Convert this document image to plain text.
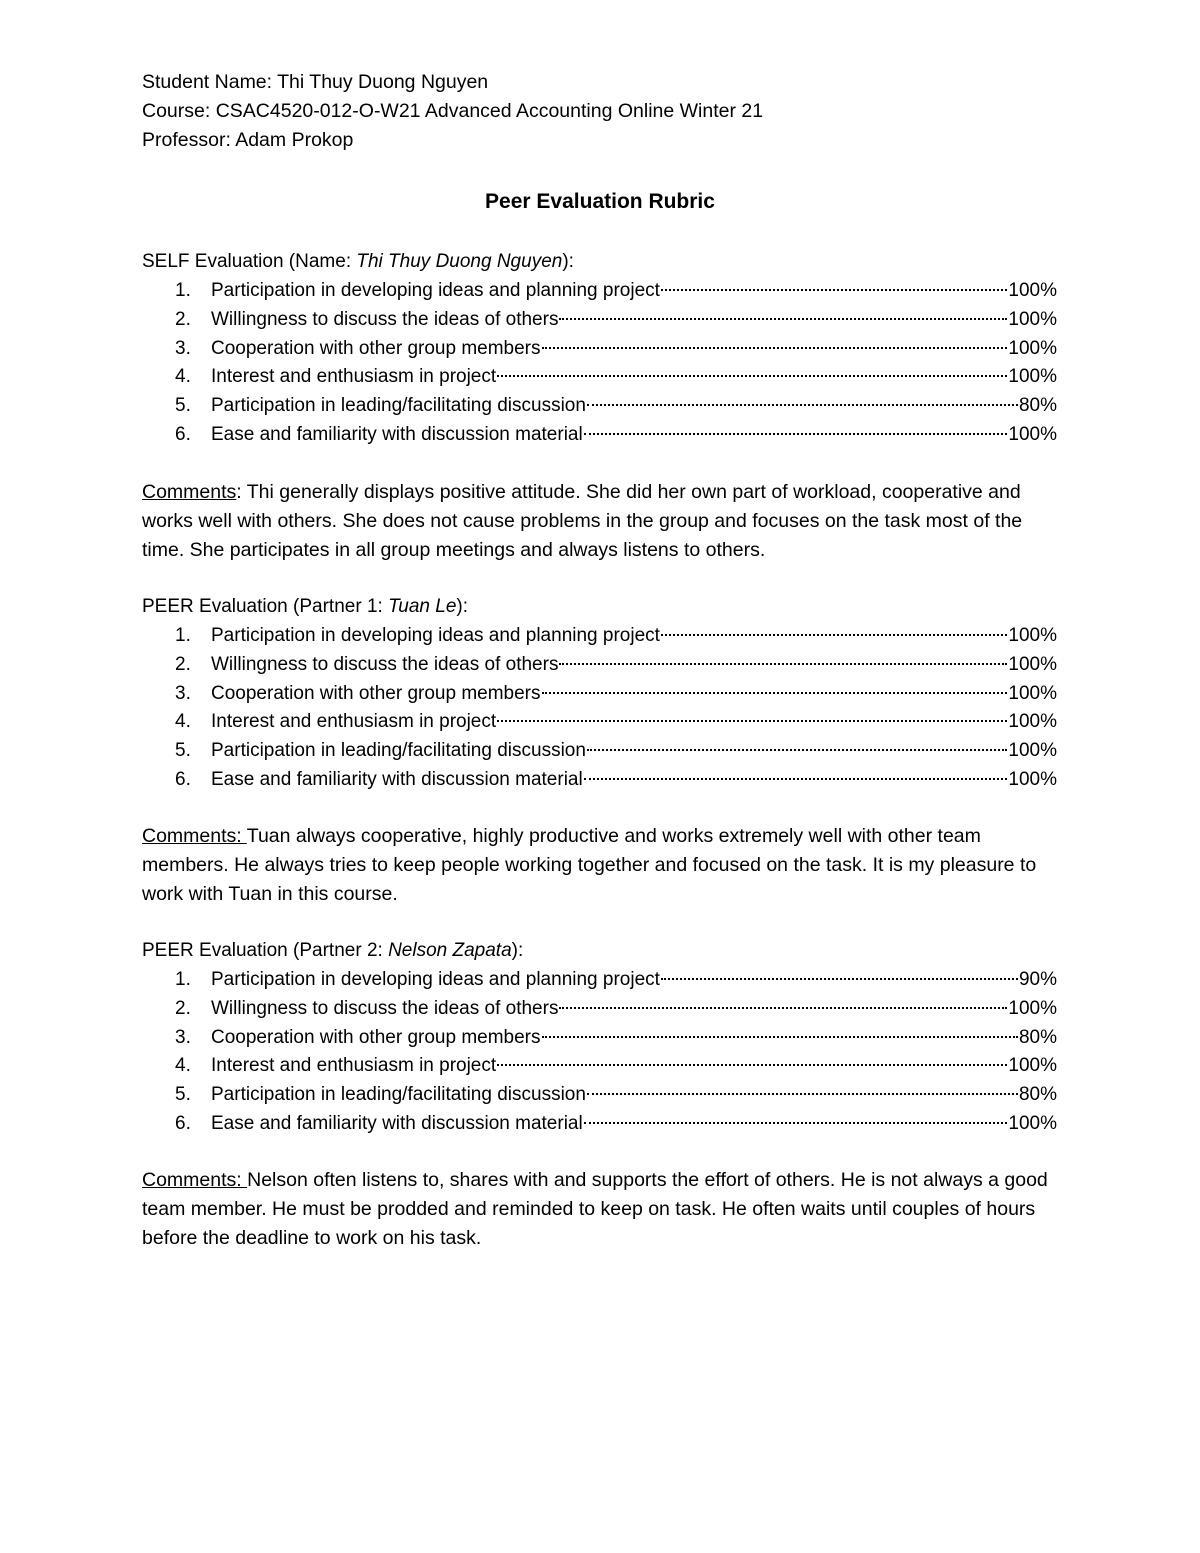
Student Name: Thi Thuy Duong Nguyen
Course: CSAC4520-012-O-W21 Advanced Accounting Online Winter 21
Professor: Adam Prokop
Peer Evaluation Rubric
SELF Evaluation (Name: Thi Thuy Duong Nguyen):
1.	Participation in developing ideas and planning project	100%
2.	Willingness to discuss the ideas of others	100%
3.	Cooperation with other group members	100%
4.	Interest and enthusiasm in project	100%
5.	Participation in leading/facilitating discussion	80%
6.	Ease and familiarity with discussion material	100%
Comments: Thi generally displays positive attitude. She did her own part of workload, cooperative and works well with others. She does not cause problems in the group and focuses on the task most of the time. She participates in all group meetings and always listens to others.
PEER Evaluation (Partner 1: Tuan Le):
1.	Participation in developing ideas and planning project	100%
2.	Willingness to discuss the ideas of others	100%
3.	Cooperation with other group members	100%
4.	Interest and enthusiasm in project	100%
5.	Participation in leading/facilitating discussion	100%
6.	Ease and familiarity with discussion material	100%
Comments: Tuan always cooperative, highly productive and works extremely well with other team members. He always tries to keep people working together and focused on the task. It is my pleasure to work with Tuan in this course.
PEER Evaluation (Partner 2: Nelson Zapata):
1.	Participation in developing ideas and planning project	90%
2.	Willingness to discuss the ideas of others	100%
3.	Cooperation with other group members	80%
4.	Interest and enthusiasm in project	100%
5.	Participation in leading/facilitating discussion	80%
6.	Ease and familiarity with discussion material	100%
Comments: Nelson often listens to, shares with and supports the effort of others. He is not always a good team member. He must be prodded and reminded to keep on task. He often waits until couples of hours before the deadline to work on his task.
